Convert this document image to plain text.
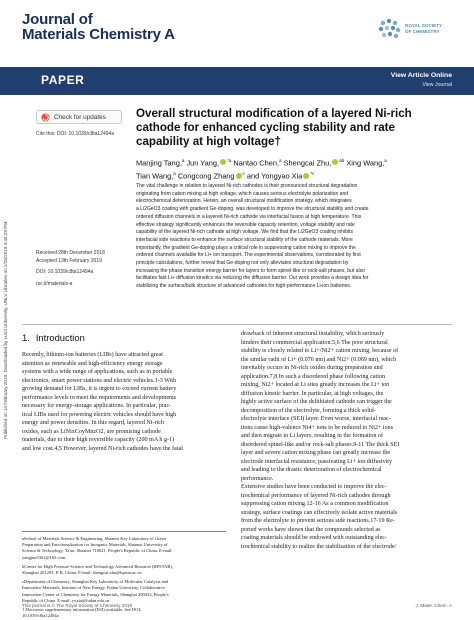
Published on 14 February 2019. Downloaded by Lund University, UNLV Libraries on 2/25/2019 4:44:29 PM.
Journal of
Materials Chemistry A
ROYAL SOCIETY OF CHEMISTRY
PAPER	View Article Online
View Journal
Check for updates
Cite this: DOI: 10.1039/c8ta12494a
Overall structural modification of a layered Ni-rich cathode for enhanced cycling stability and rate capability at high voltage†
Manjing Tang,$^a$ Jun Yang, $^{*a}$ Nantao Chen,$^a$ Shengcai Zhu, $^{ab}$ Xing Wang,$^a$
Tian Wang,$^a$ Congcong Zhang $^c$ and Yongyao Xia $^{*c}$
The vital challenge in relation to layered Ni-rich cathodes is their pronounced structural degradation
originating from cation mixing at high voltage, which causes serious electrolyte polarization and
electrochemical deterioration. Herein, an overall structural modification strategy, which integrates
a Li2GeO3 coating with gradient Ge-doping, was developed to improve the structural stability and create
ordered diffusion channels in a layered Ni-rich cathode via interfacial fusion at high temperature. This
effective strategy significantly enhances the reversible capacity retention, voltage stability and rate
capability of the layered Ni-rich cathode at high voltage. We find that the Li2GeO3 coating inhibits
interfacial side reactions to enhance the surface structural stability of the cathode materials. More
importantly, the gradient Ge-doping plays a critical role in suppressing cation mixing to improve the
ordered channels available for Li+ ion transport. The experimental observations, corroborated by first
principle calculations, further reveal that Ge-doping not only alleviates structural degradation by
increasing the phase transition energy barrier for layers to form spinel-like or rock-salt phases, but also
facilitates fast Li+ diffusion kinetics via reducing the diffusion barrier. Our work provides a design idea for
stabilizing the surface/bulk structure of advanced cathodes for high-performance Li-ion batteries.
Received 28th December 2018
Accepted 13th February 2019
DOI: 10.1039/c8ta12494a
rsc.li/materials-a
1. Introduction
Recently, lithium-ion batteries (LIBs) have attracted great
attention as renewable and high-efficiency energy storage
systems with a wide range of applications, such as in portable
electronics, smart power stations and electric vehicles.1-3 With
growing demand for LIBs, it is urgent to exceed current battery
performance levels to meet the requirements and developments
necessary for energy-storage applications. In particular, prac-
tical LIBs used for powering electric vehicles should have high
energy and power densities. In this regard, layered Ni-rich
oxides, such as LiNixCoyMnzO2, are promising cathode
materials, due to their high reversible capacity (200 mA h g-1)
and low cost.4,5 However, layered Ni-rich cathodes have the fatal
drawback of inherent structural instability, which seriously
hinders their commercial application.5,6 The poor structural
stability is closely related to Li+/Ni2+ cation mixing, because of
the similar radii of Li+ (0.076 nm) and Ni2+ (0.069 nm), which
inevitably occurs in Ni-rich oxides during preparation and
application.7,8 In such a disordered phase following cation
mixing, Ni2+ located at Li sites greatly increases the Li+ ion
diffusion kinetic barrier. In particular, at high voltages, the
highly active surface of the delithiated cathode can trigger the
decomposition of the electrolyte, forming a thick solid-
electrolyte interface (SEI) layer. Even worse, interfacial reac-
tions cause high-valence Ni4+ ions to be reduced to Ni2+ ions
and then migrate to Li layers, resulting in the formation of
disordered spinel-like and/or rock-salt phases.9-11 The thick SEI
layer and severe cation mixing phase can greatly increase the
electrode interfacial resistance, passivating Li+ ion diffusivity
and leading to the drastic deterioration of electrochemical
performance.
Extensive studies have been conducted to improve the elec-
trochemical performance of layered Ni-rich cathodes through
suppressing cation mixing.12-16 As a common modification
strategy, surface coatings can effectively isolate active materials
from the electrolyte to prevent serious side reactions.17-19 Re-
ported works have shown that the compounds selected as
coating materials should be endowed with outstanding elec-
trochemical stability to realize the stabilization of the electrode/
aSchool of Materials Science & Engineering, Shaanxi Key Laboratory of Green
Preparation and Functionalization for Inorganic Materials, Shaanxi University of
Science & Technology, Xi'an, Shaanxi 710021, People's Republic of China. E-mail:
yangjun5361@163.com
bCenter for High Pressure Science and Technology Advanced Research (HPSTAR),
Shanghai 201203, P. R. China. E-mail: shengcai.zhu@hpstar.ac.cn
cDepartment of Chemistry, Shanghai Key Laboratory of Molecular Catalysis and
Innovative Materials, Institute of New Energy, Fudan University, Collaborative
Innovation Center of Chemistry for Energy Materials, Shanghai 200433, People's
Republic of China. E-mail: yyxia@fudan.edu.cn
† Electronic supplementary information (ESI) available. See DOI:
10.1039/c8ta12494a
This journal is © The Royal Society of Chemistry 2019	J. Mater. Chem. A
